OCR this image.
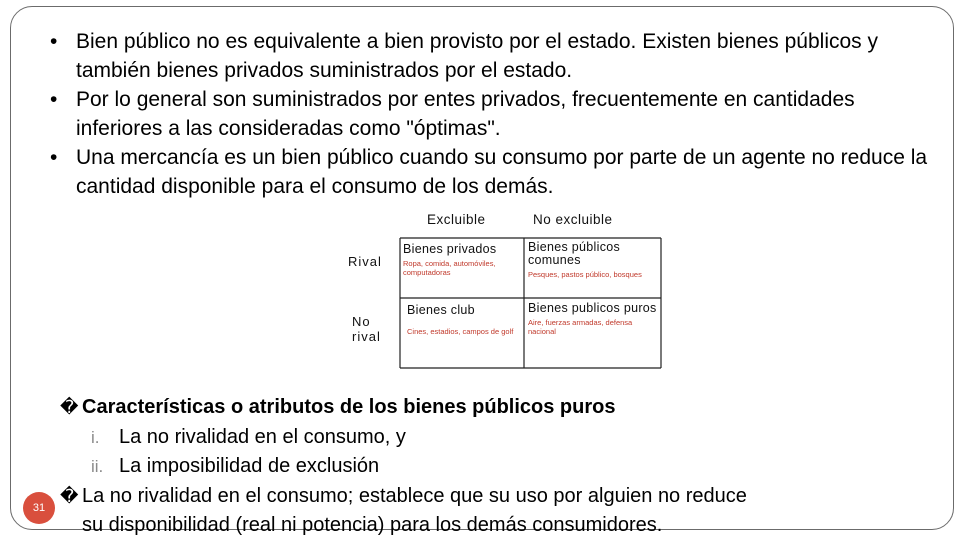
• Bien público no es equivalente a bien provisto por el estado. Existen bienes públicos y también bienes privados suministrados por el estado.
• Por lo general son suministrados por entes privados, frecuentemente en cantidades inferiores a las consideradas como "óptimas".
• Una mercancía es un bien público cuando su consumo por parte de un agente no reduce la cantidad disponible para el consumo de los demás.
Excluible	No excluible
Rival
No rival
Bienes privados
Ropa, comida, automóviles, computadoras
Bienes públicos comunes
Pesques, pastos público, bosques
Bienes club
Cines, estadios, campos de golf
Bienes publicos puros
Aire, fuerzas armadas, defensa nacional
� Características o atributos de los bienes públicos puros
i. La no rivalidad en el consumo, y
ii. La imposibilidad de exclusión
� La no rivalidad en el consumo; establece que su uso por alguien no reduce
su disponibilidad (real ni potencia) para los demás consumidores.
31
